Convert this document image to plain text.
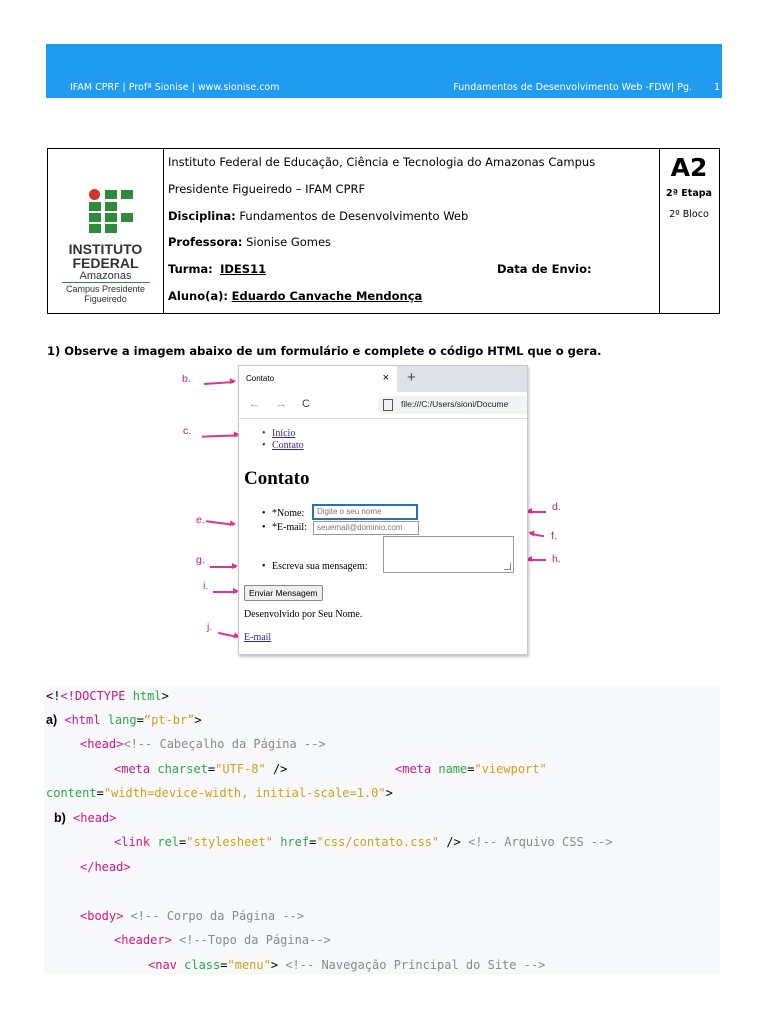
IFAM CPRF | Profª Sionise | www.sionise.com	Fundamentos de Desenvolvimento Web -FDW| Pg. 1
INSTITUTO
FEDERAL
Amazonas
Campus Presidente
Figueiredo
Instituto Federal de Educação, Ciência e Tecnologia do Amazonas Campus
Presidente Figueiredo – IFAM CPRF
Disciplina: Fundamentos de Desenvolvimento Web
Professora: Sionise Gomes
Turma: IDES11	Data de Envio:
Aluno(a): Eduardo Canvache Mendonça
A2
2ª Etapa
2º Bloco
1) Observe a imagem abaixo de um formulário e complete o código HTML que o gera.
b.
c.
e.
g.
i.
j.
d.
f.
h.
Contato	× +
← → C	file:///C:/Users/sioni/Docume
• Início
• Contato
Contato
• *Nome:	Digite o seu nome
• *E-mail:	seuemail@dominio.com
• Escreva sua mensagem:
Enviar Mensagem
Desenvolvido por Seu Nome.
E-mail
<!<!DOCTYPE html>
a) <html lang=“pt-br”>
<head><!-- Cabeçalho da Página -->
<meta charset="UTF-8" />	<meta name="viewport"
content="width=device-width, initial-scale=1.0">
b) <head>
<link rel="stylesheet" href="css/contato.css" /> <!-- Arquivo CSS -->
</head>
<body> <!-- Corpo da Página -->
<header> <!--Topo da Página-->
<nav class="menu"> <!-- Navegação Principal do Site -->
